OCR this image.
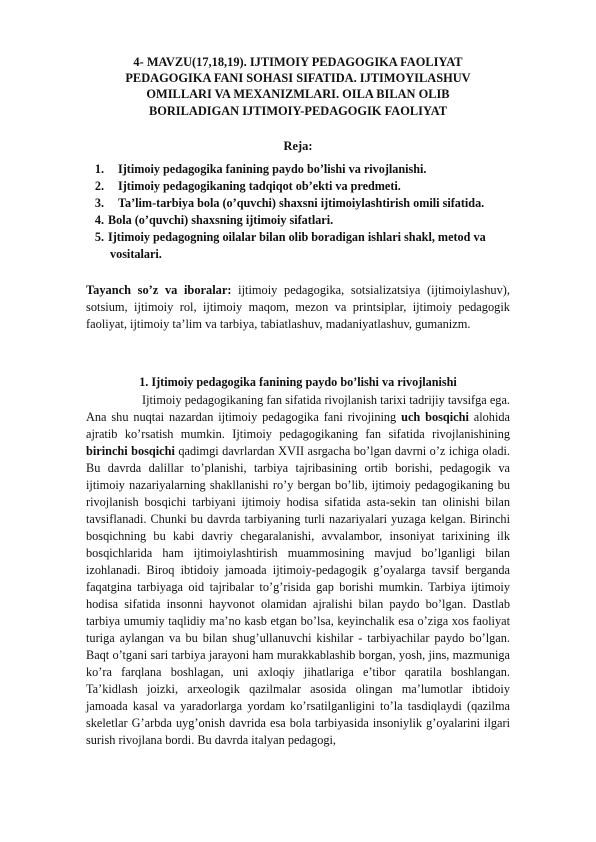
4- MAVZU(17,18,19). IJTIMOIY PEDAGOGIKA FAOLIYAT
PEDAGOGIKA FANI SOHASI SIFATIDA. IJTIMOYILASHUV
OMILLARI VA MEXANIZMLARI. OILA BILAN OLIB
BORILADIGAN IJTIMOIY-PEDAGOGIK FAOLIYAT
Reja:
1.	Ijtimoiy pedagogika fanining paydo bo’lishi va rivojlanishi.
2.	Ijtimoiy pedagogikaning tadqiqot ob’ekti va predmeti.
3.	Ta’lim-tarbiya bola (o’quvchi) shaxsni ijtimoiylashtirish omili sifatida.
4. Bola (o’quvchi) shaxsning ijtimoiy sifatlari.
5. Ijtimoiy pedagogning oilalar bilan olib boradigan ishlari shakl, metod va
vositalari.
Tayanch so’z va iboralar: ijtimoiy pedagogika, sotsializatsiya (ijtimoiylashuv), sotsium, ijtimoiy rol, ijtimoiy maqom, mezon va printsiplar, ijtimoiy pedagogik faoliyat, ijtimoiy ta’lim va tarbiya, tabiatlashuv, madaniyatlashuv, gumanizm.
1. Ijtimoiy pedagogika fanining paydo bo’lishi va rivojlanishi

Ijtimoiy pedagogikaning fan sifatida rivojlanish tarixi tadrijiy tavsifga ega. Ana shu nuqtai nazardan ijtimoiy pedagogika fani rivojining uch bosqichi alohida ajratib ko’rsatish mumkin. Ijtimoiy pedagogikaning fan sifatida rivojlanishining birinchi bosqichi qadimgi davrlardan XVII asrgacha bo’lgan davrni o’z ichiga oladi. Bu davrda dalillar to’planishi, tarbiya tajribasining ortib borishi, pedagogik va ijtimoiy nazariyalarning shakllanishi ro’y bergan bo’lib, ijtimoiy pedagogikaning bu rivojlanish bosqichi tarbiyani ijtimoiy hodisa sifatida asta-sekin tan olinishi bilan tavsiflanadi. Chunki bu davrda tarbiyaning turli nazariyalari yuzaga kelgan. Birinchi bosqichning bu kabi davriy chegaralanishi, avvalambor, insoniyat tarixining ilk bosqichlarida ham ijtimoiylashtirish muammosining mavjud bo’lganligi bilan izohlanadi. Biroq ibtidoiy jamoada ijtimoiy-pedagogik g’oyalarga tavsif berganda faqatgina tarbiyaga oid tajribalar to’g’risida gap borishi mumkin. Tarbiya ijtimoiy hodisa sifatida insonni hayvonot olamidan ajralishi bilan paydo bo’lgan. Dastlab tarbiya umumiy taqlidiy ma’no kasb etgan bo’lsa, keyinchalik esa o’ziga xos faoliyat turiga aylangan va bu bilan shug’ullanuvchi kishilar - tarbiyachilar paydo bo’lgan. Baqt o’tgani sari tarbiya jarayoni ham murakkablashib borgan, yosh, jins, mazmuniga ko’ra farqlana boshlagan, uni axloqiy jihatlariga e’tibor qaratila boshlangan. Ta’kidlash joizki, arxeologik qazilmalar asosida olingan ma’lumotlar ibtidoiy jamoada kasal va yaradorlarga yordam ko’rsatilganligini to’la tasdiqlaydi (qazilma skeletlar G’arbda uyg’onish davrida esa bola tarbiyasida insoniylik g’oyalarini ilgari surish rivojlana bordi. Bu davrda italyan pedagogi,
